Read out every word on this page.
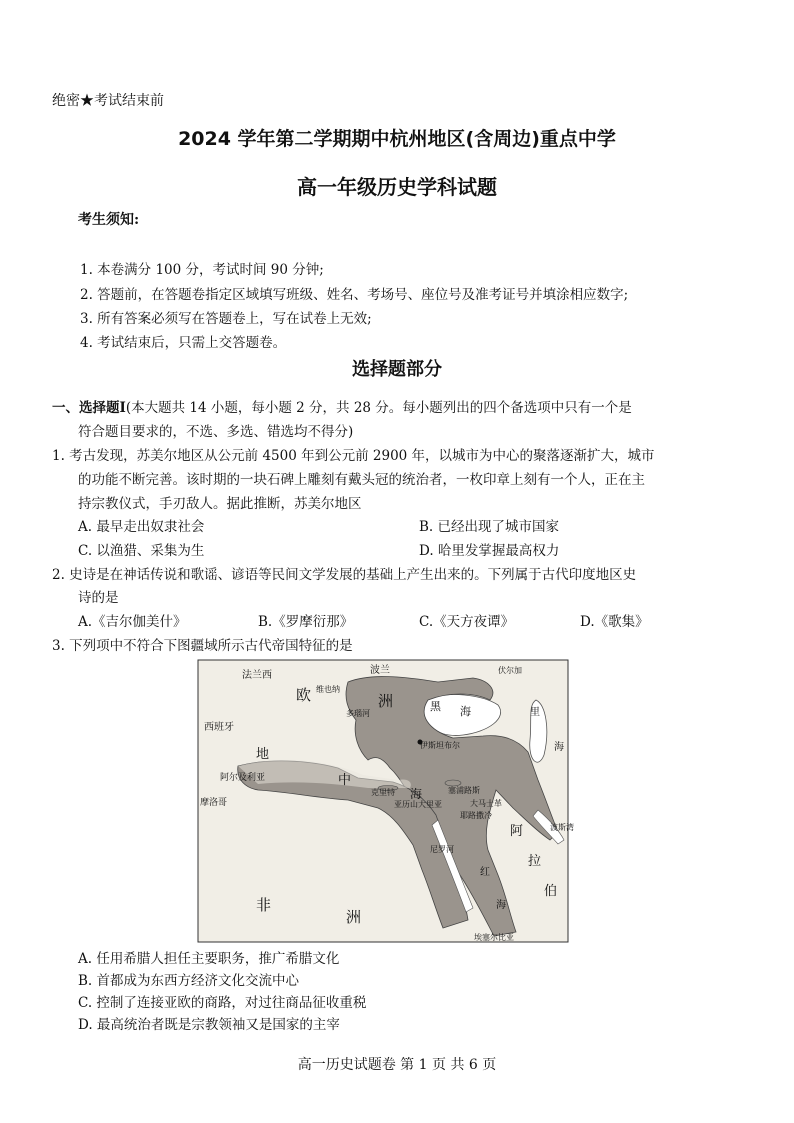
绝密★考试结束前
2024 学年第二学期期中杭州地区(含周边)重点中学
高一年级历史学科试题
考生须知:
1. 本卷满分 100 分，考试时间 90 分钟;
2. 答题前，在答题卷指定区域填写班级、姓名、考场号、座位号及准考证号并填涂相应数字;
3. 所有答案必须写在答题卷上，写在试卷上无效;
4. 考试结束后，只需上交答题卷。
选择题部分
一、选择题Ⅰ(本大题共 14 小题，每小题 2 分，共 28 分。每小题列出的四个备选项中只有一个是
符合题目要求的，不选、多选、错选均不得分)
1. 考古发现，苏美尔地区从公元前 4500 年到公元前 2900 年，以城市为中心的聚落逐渐扩大，城市
的功能不断完善。该时期的一块石碑上雕刻有戴头冠的统治者，一枚印章上刻有一个人，正在主
持宗教仪式，手刃敌人。据此推断，苏美尔地区
A. 最早走出奴隶社会	B. 已经出现了城市国家
C. 以渔猎、采集为生	D. 哈里发掌握最高权力
2. 史诗是在神话传说和歌谣、谚语等民间文学发展的基础上产生出来的。下列属于古代印度地区史
诗的是
A.《吉尔伽美什》	B.《罗摩衍那》	C.《天方夜谭》	D.《歌集》
3. 下列项中不符合下图疆域所示古代帝国特征的是
法兰西
欧 维也纳
波兰
洲
多瑙河
黑 海
伊斯坦布尔
伏尔加
西班牙
地
阿尔及利亚
摩洛哥
中
克里特 海	塞浦路斯
亚历山大里亚	大马士革
耶路撒冷
尼罗河
非
洲
阿
拉
伯
红
海
埃塞尔比亚
波斯湾
里
海
A. 任用希腊人担任主要职务，推广希腊文化
B. 首都成为东西方经济文化交流中心
C. 控制了连接亚欧的商路，对过往商品征收重税
D. 最高统治者既是宗教领袖又是国家的主宰
高一历史试题卷 第 1 页 共 6 页
